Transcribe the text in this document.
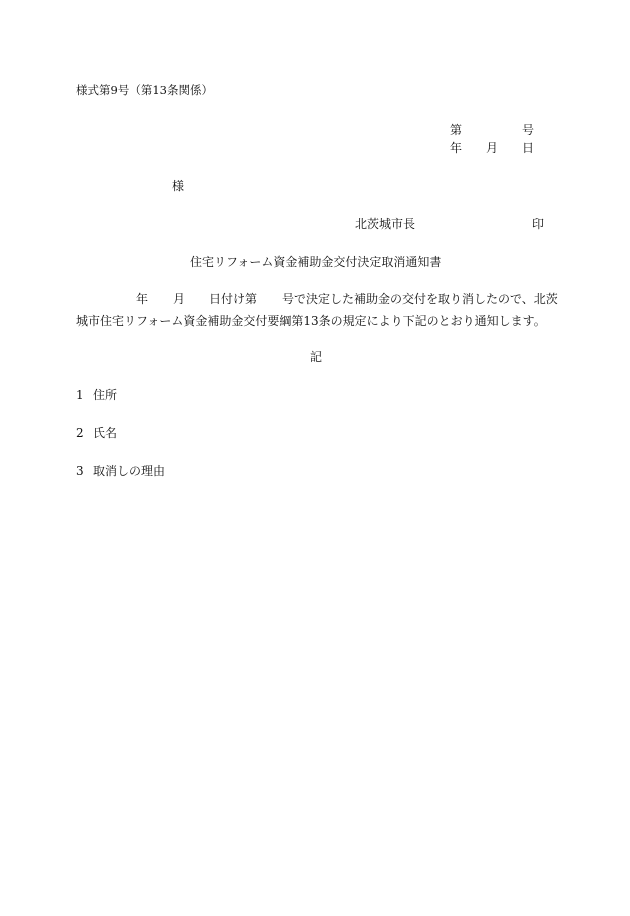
様式第9号（第13条関係）
第	号
年 月 日
様
北茨城市長	印
住宅リフォーム資金補助金交付決定取消通知書
年 月 日付け第 号で決定した補助金の交付を取り消したので、北茨
城市住宅リフォーム資金補助金交付要綱第13条の規定により下記のとおり通知します。
記
1 住所
2 氏名
3 取消しの理由
